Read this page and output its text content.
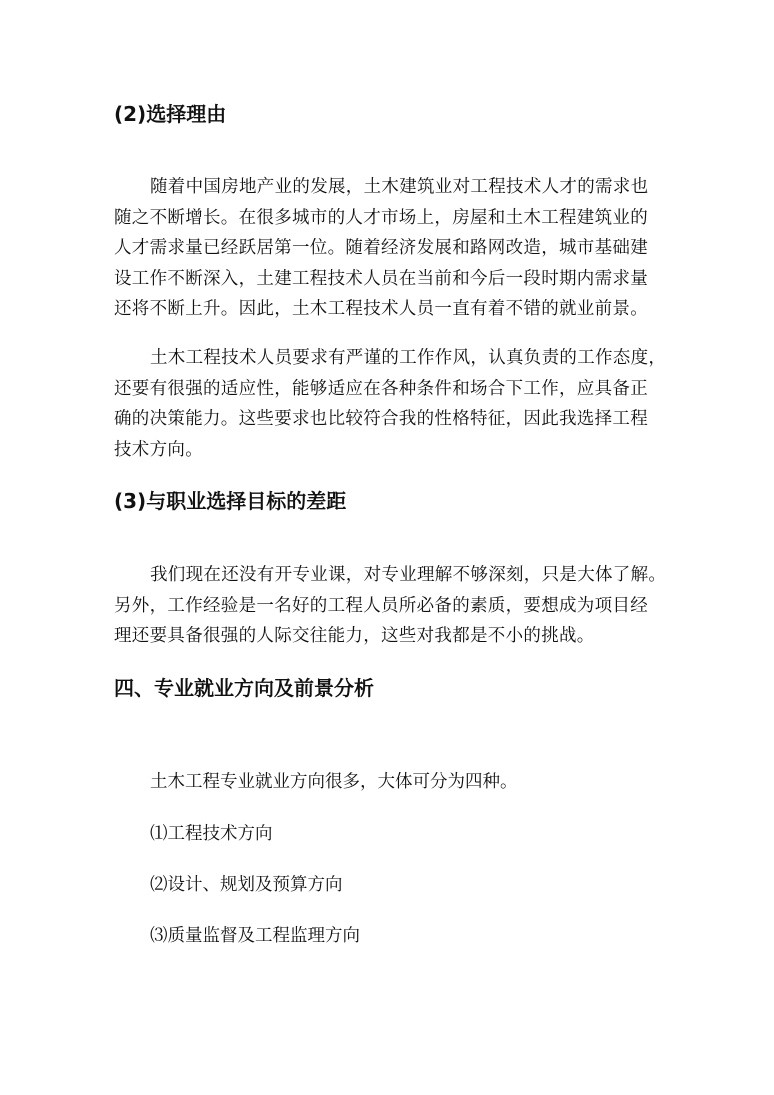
(2)选择理由
随着中国房地产业的发展，土木建筑业对工程技术人才的需求也
随之不断增长。在很多城市的人才市场上，房屋和土木工程建筑业的
人才需求量已经跃居第一位。随着经济发展和路网改造，城市基础建
设工作不断深入，土建工程技术人员在当前和今后一段时期内需求量
还将不断上升。因此，土木工程技术人员一直有着不错的就业前景。
土木工程技术人员要求有严谨的工作作风，认真负责的工作态度，
还要有很强的适应性，能够适应在各种条件和场合下工作，应具备正
确的决策能力。这些要求也比较符合我的性格特征，因此我选择工程
技术方向。
(3)与职业选择目标的差距
我们现在还没有开专业课，对专业理解不够深刻，只是大体了解。
另外，工作经验是一名好的工程人员所必备的素质，要想成为项目经
理还要具备很强的人际交往能力，这些对我都是不小的挑战。
四、专业就业方向及前景分析
土木工程专业就业方向很多，大体可分为四种。
⑴工程技术方向
⑵设计、规划及预算方向
⑶质量监督及工程监理方向
